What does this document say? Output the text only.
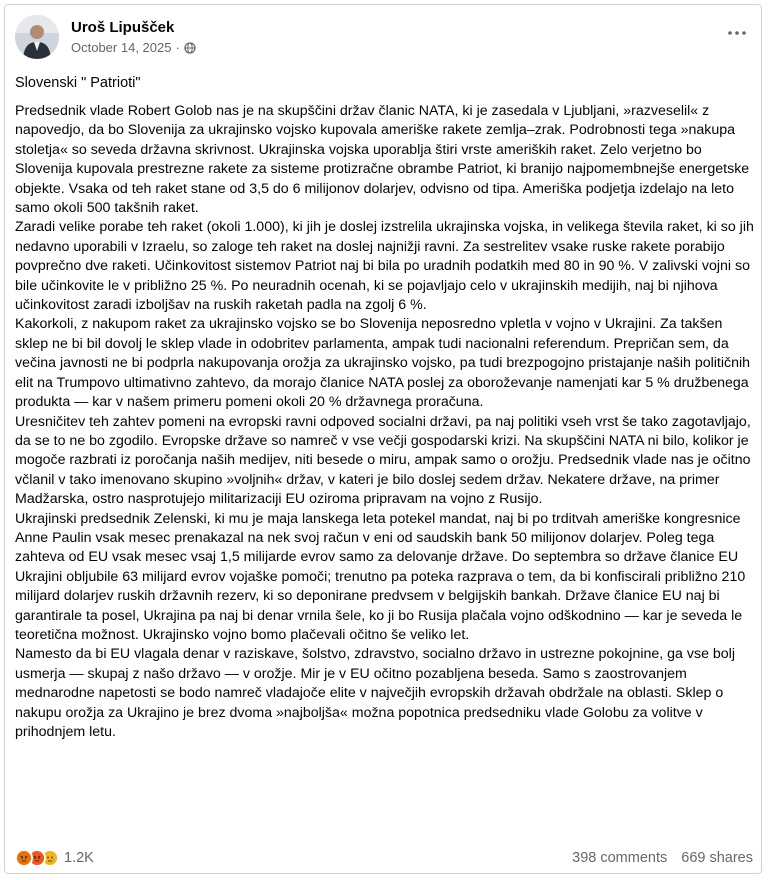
Uroš Lipušček
October 14, 2025 ·
Slovenski " Patrioti"

Predsednik vlade Robert Golob nas je na skupščini držav članic NATA, ki je zasedala v Ljubljani, »razveselil« z napovedjo, da bo Slovenija za ukrajinsko vojsko kupovala ameriške rakete zemlja–zrak. Podrobnosti tega »nakupa stoletja« so seveda državna skrivnost. Ukrajinska vojska uporablja štiri vrste ameriških raket. Zelo verjetno bo Slovenija kupovala prestrezne rakete za sisteme protizračne obrambe Patriot, ki branijo najpomembnejše energetske objekte. Vsaka od teh raket stane od 3,5 do 6 milijonov dolarjev, odvisno od tipa. Ameriška podjetja izdelajo na leto samo okoli 500 takšnih raket.

Zaradi velike porabe teh raket (okoli 1.000), ki jih je doslej izstrelila ukrajinska vojska, in velikega števila raket, ki so jih nedavno uporabili v Izraelu, so zaloge teh raket na doslej najnižji ravni. Za sestrelitev vsake ruske rakete porabijo povprečno dve raketi. Učinkovitost sistemov Patriot naj bi bila po uradnih podatkih med 80 in 90 %. V zalivski vojni so bile učinkovite le v približno 25 %. Po neuradnih ocenah, ki se pojavljajo celo v ukrajinskih medijih, naj bi njihova učinkovitost zaradi izboljšav na ruskih raketah padla na zgolj 6 %.

Kakorkoli, z nakupom raket za ukrajinsko vojsko se bo Slovenija neposredno vpletla v vojno v Ukrajini. Za takšen sklep ne bi bil dovolj le sklep vlade in odobritev parlamenta, ampak tudi nacionalni referendum. Prepričan sem, da večina javnosti ne bi podprla nakupovanja orožja za ukrajinsko vojsko, pa tudi brezpogojno pristajanje naših političnih elit na Trumpovo ultimativno zahtevo, da morajo članice NATA poslej za oboroževanje namenjati kar 5 % družbenega produkta — kar v našem primeru pomeni okoli 20 % državnega proračuna.

Uresničitev teh zahtev pomeni na evropski ravni odpoved socialni državi, pa naj politiki vseh vrst še tako zagotavljajo, da se to ne bo zgodilo. Evropske države so namreč v vse večji gospodarski krizi. Na skupščini NATA ni bilo, kolikor je mogoče razbrati iz poročanja naših medijev, niti besede o miru, ampak samo o orožju. Predsednik vlade nas je očitno včlanil v tako imenovano skupino »voljnih« držav, v kateri je bilo doslej sedem držav. Nekatere države, na primer Madžarska, ostro nasprotujejo militarizaciji EU oziroma pripravam na vojno z Rusijo.

Ukrajinski predsednik Zelenski, ki mu je maja lanskega leta potekel mandat, naj bi po trditvah ameriške kongresnice Anne Paulin vsak mesec prenakazal na nek svoj račun v eni od saudskih bank 50 milijonov dolarjev. Poleg tega zahteva od EU vsak mesec vsaj 1,5 milijarde evrov samo za delovanje države. Do septembra so države članice EU Ukrajini obljubile 63 milijard evrov vojaške pomoči; trenutno pa poteka razprava o tem, da bi konfiscirali približno 210 milijard dolarjev ruskih državnih rezerv, ki so deponirane predvsem v belgijskih bankah. Države članice EU naj bi garantirale ta posel, Ukrajina pa naj bi denar vrnila šele, ko ji bo Rusija plačala vojno odškodnino — kar je seveda le teoretična možnost. Ukrajinsko vojno bomo plačevali očitno še veliko let.

Namesto da bi EU vlagala denar v raziskave, šolstvo, zdravstvo, socialno državo in ustrezne pokojnine, ga vse bolj usmerja — skupaj z našo državo — v orožje. Mir je v EU očitno pozabljena beseda. Samo s zaostrovanjem mednarodne napetosti se bodo namreč vladajoče elite v največjih evropskih državah obdržale na oblasti. Sklep o nakupu orožja za Ukrajino je brez dvoma »najboljša« možna popotnica predsedniku vlade Golobu za volitve v prihodnjem letu.

1.2K	398 comments 669 shares
